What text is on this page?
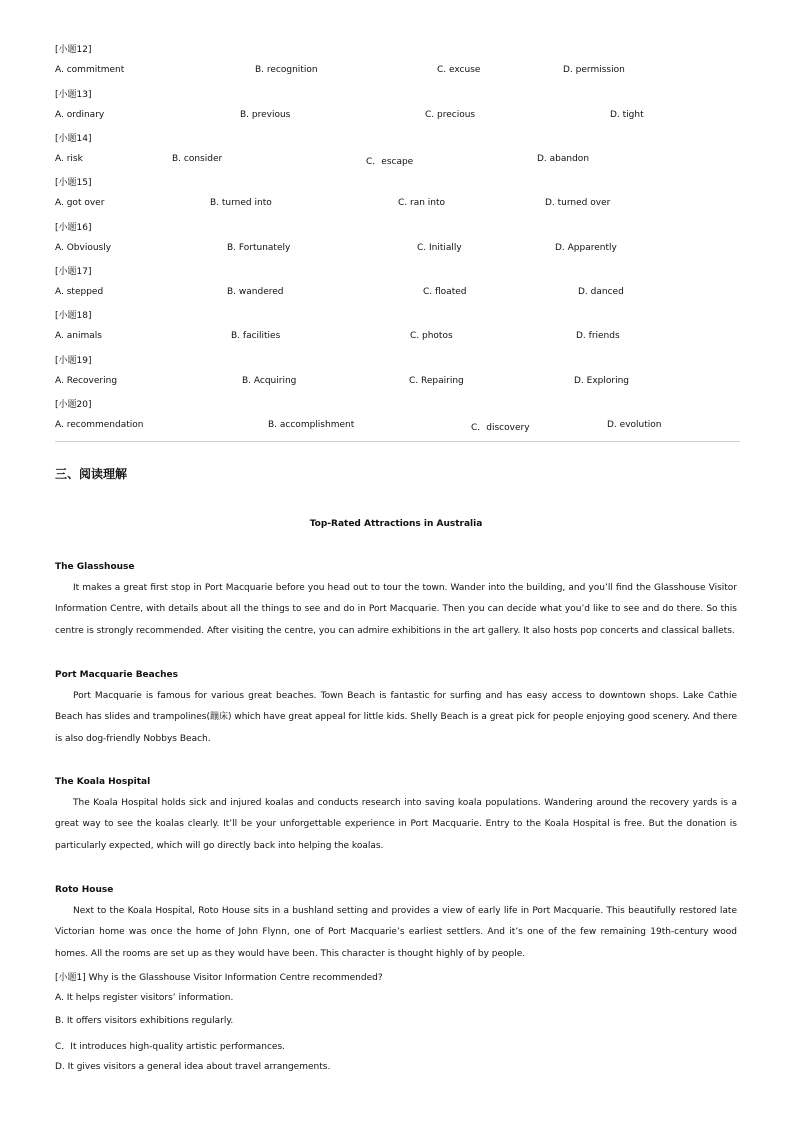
[小题12]
A. commitment	B. recognition	C. excuse	D. permission
[小题13]
A. ordinary	B. previous	C. precious	D. tight
[小题14]
A. risk	B. consider	C．escape	D. abandon
[小题15]
A. got over	B. turned into	C. ran into	D. turned over
[小题16]
A. Obviously	B. Fortunately	C. Initially	D. Apparently
[小题17]
A. stepped	B. wandered	C. floated	D. danced
[小题18]
A. animals	B. facilities	C. photos	D. friends
[小题19]
A. Recovering	B. Acquiring	C. Repairing	D. Exploring
[小题20]
A. recommendation	B. accomplishment	C．discovery	D. evolution
三、阅读理解
Top-Rated Attractions in Australia
The Glasshouse

It makes a great first stop in Port Macquarie before you head out to tour the town. Wander into the building, and you’ll find the Glasshouse Visitor Information Centre, with details about all the things to see and do in Port Macquarie. Then you can decide what you’d like to see and do there. So this centre is strongly recommended. After visiting the centre, you can admire exhibitions in the art gallery. It also hosts pop concerts and classical ballets.

Port Macquarie Beaches

Port Macquarie is famous for various great beaches. Town Beach is fantastic for surfing and has easy access to downtown shops. Lake Cathie Beach has slides and trampolines(蹦床) which have great appeal for little kids. Shelly Beach is a great pick for people enjoying good scenery. And there is also dog-friendly Nobbys Beach.

The Koala Hospital

The Koala Hospital holds sick and injured koalas and conducts research into saving koala populations. Wandering around the recovery yards is a great way to see the koalas clearly. It’ll be your unforgettable experience in Port Macquarie. Entry to the Koala Hospital is free. But the donation is particularly expected, which will go directly back into helping the koalas.

Roto House

Next to the Koala Hospital, Roto House sits in a bushland setting and provides a view of early life in Port Macquarie. This beautifully restored late Victorian home was once the home of John Flynn, one of Port Macquarie’s earliest settlers. And it’s one of the few remaining 19th-century wood homes. All the rooms are set up as they would have been. This character is thought highly of by people.

[小题1] Why is the Glasshouse Visitor Information Centre recommended?
A. It helps register visitors’ information.
B. It offers visitors exhibitions regularly.
C．It introduces high-quality artistic performances.
D. It gives visitors a general idea about travel arrangements.
